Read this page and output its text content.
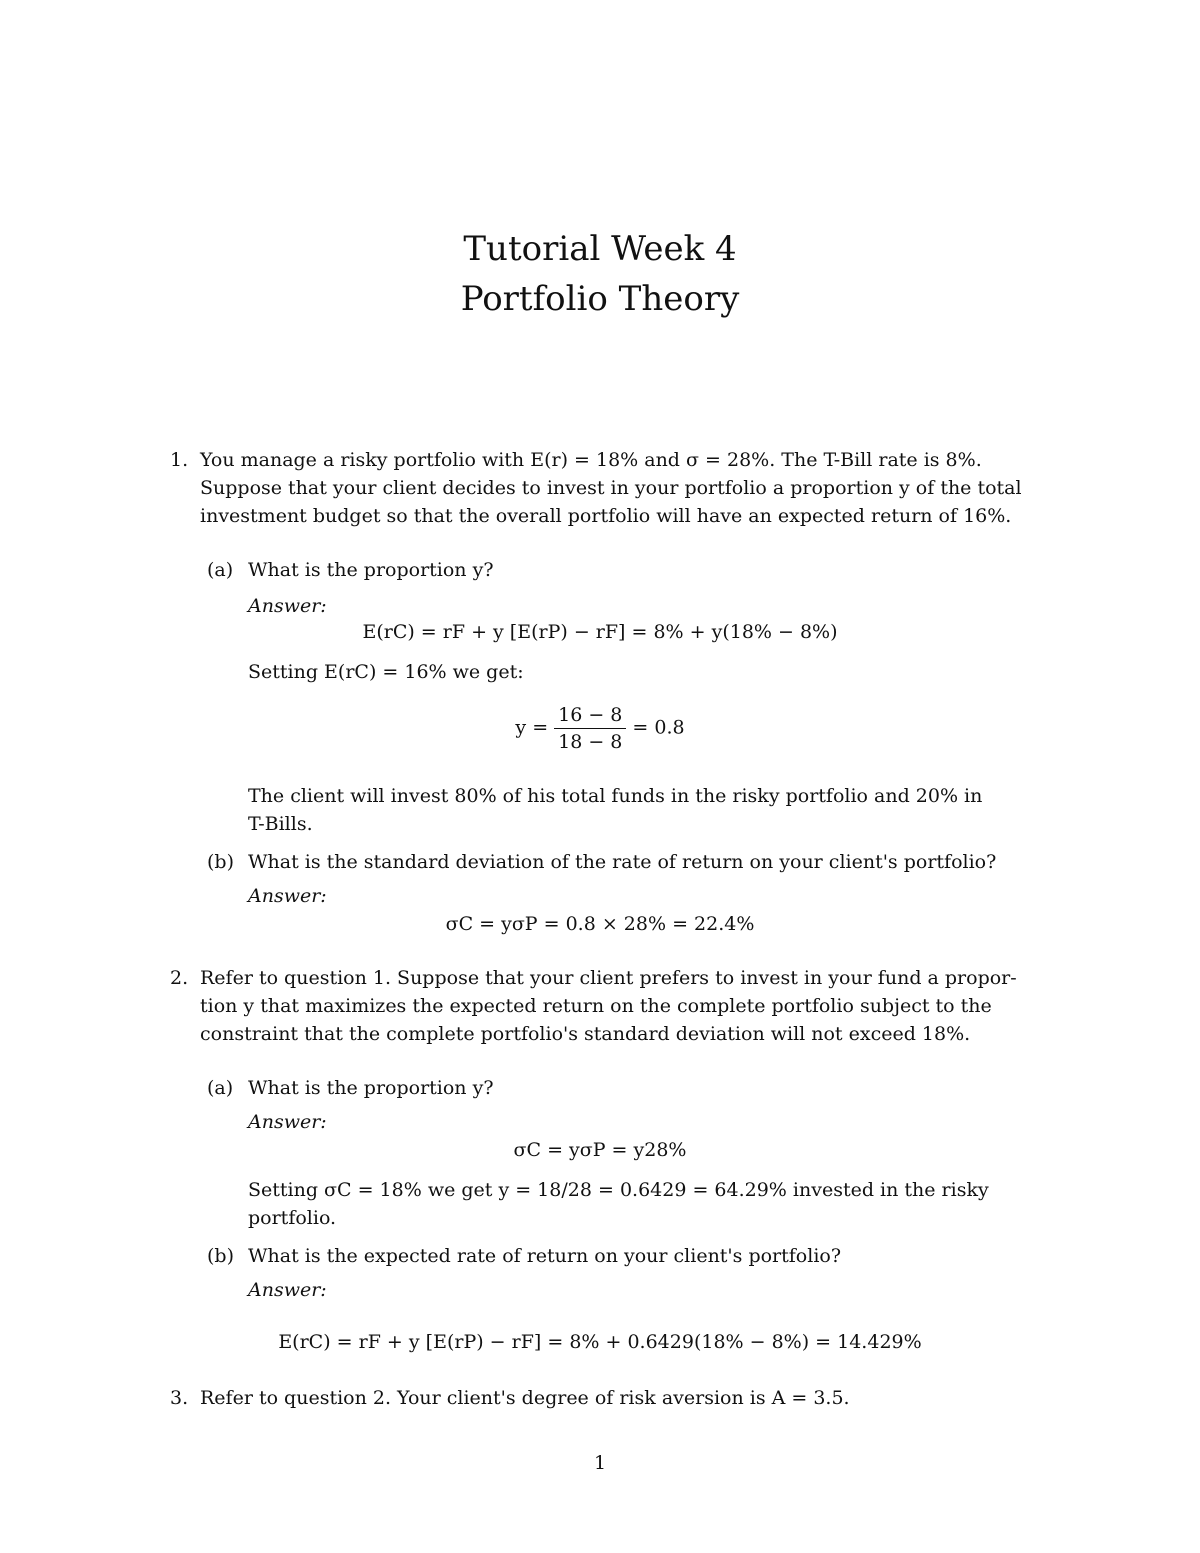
Tutorial Week 4
Portfolio Theory
1. You manage a risky portfolio with E(r) = 18% and σ = 28%. The T-Bill rate is 8%.
Suppose that your client decides to invest in your portfolio a proportion y of the total
investment budget so that the overall portfolio will have an expected return of 16%.
(a) What is the proportion y?
Answer:
E(rC) = rF + y [E(rP) − rF] = 8% + y(18% − 8%)
Setting E(rC) = 16% we get:
$y = \frac{16 - 8}{18 - 8} = 0.8$
The client will invest 80% of his total funds in the risky portfolio and 20% in
T-Bills.
(b) What is the standard deviation of the rate of return on your client's portfolio?
Answer:
σC = yσP = 0.8 × 28% = 22.4%
2. Refer to question 1. Suppose that your client prefers to invest in your fund a propor-
tion y that maximizes the expected return on the complete portfolio subject to the
constraint that the complete portfolio's standard deviation will not exceed 18%.
(a) What is the proportion y?
Answer:
σC = yσP = y28%
Setting σC = 18% we get y = 18/28 = 0.6429 = 64.29% invested in the risky
portfolio.
(b) What is the expected rate of return on your client's portfolio?
Answer:
E(rC) = rF + y [E(rP) − rF] = 8% + 0.6429(18% − 8%) = 14.429%
3. Refer to question 2. Your client's degree of risk aversion is A = 3.5.
1
